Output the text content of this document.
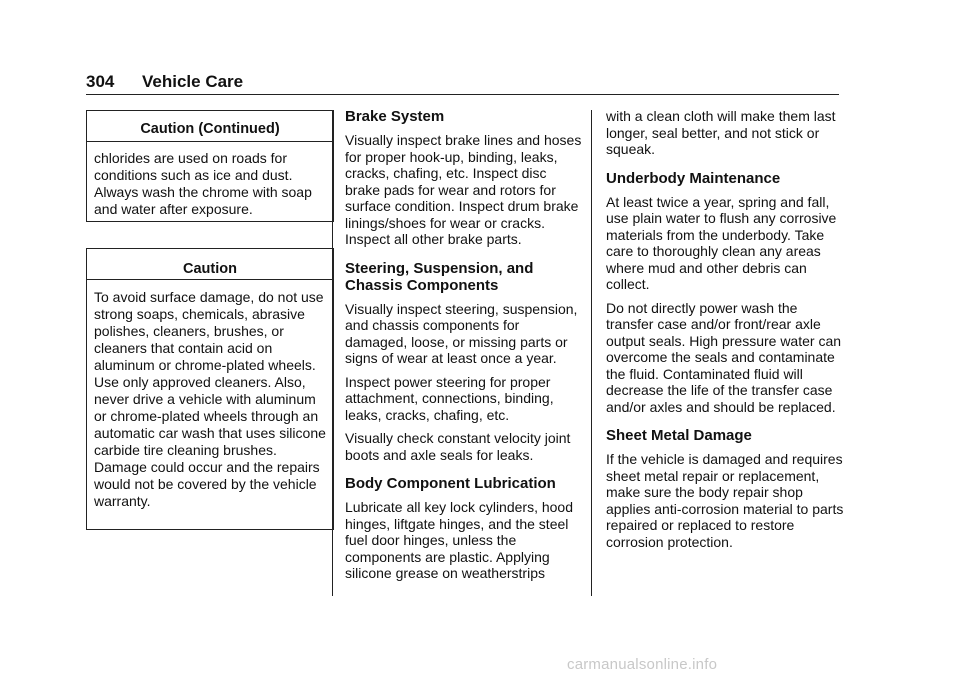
304 Vehicle Care
Caution (Continued)
chlorides are used on roads for conditions such as ice and dust. Always wash the chrome with soap and water after exposure.
Caution
To avoid surface damage, do not use strong soaps, chemicals, abrasive polishes, cleaners, brushes, or cleaners that contain acid on aluminum or chrome-plated wheels. Use only approved cleaners. Also, never drive a vehicle with aluminum or chrome-plated wheels through an automatic car wash that uses silicone carbide tire cleaning brushes. Damage could occur and the repairs would not be covered by the vehicle warranty.
Brake System

Visually inspect brake lines and hoses for proper hook-up, binding, leaks, cracks, chafing, etc. Inspect disc brake pads for wear and rotors for surface condition. Inspect drum brake linings/shoes for wear or cracks. Inspect all other brake parts.

Steering, Suspension, and Chassis Components

Visually inspect steering, suspension, and chassis components for damaged, loose, or missing parts or signs of wear at least once a year.

Inspect power steering for proper attachment, connections, binding, leaks, cracks, chafing, etc.

Visually check constant velocity joint boots and axle seals for leaks.

Body Component Lubrication

Lubricate all key lock cylinders, hood hinges, liftgate hinges, and the steel fuel door hinges, unless the components are plastic. Applying silicone grease on weatherstrips

with a clean cloth will make them last longer, seal better, and not stick or squeak.

Underbody Maintenance

At least twice a year, spring and fall, use plain water to flush any corrosive materials from the underbody. Take care to thoroughly clean any areas where mud and other debris can collect.

Do not directly power wash the transfer case and/or front/rear axle output seals. High pressure water can overcome the seals and contaminate the fluid. Contaminated fluid will decrease the life of the transfer case and/or axles and should be replaced.

Sheet Metal Damage

If the vehicle is damaged and requires sheet metal repair or replacement, make sure the body repair shop applies anti-corrosion material to parts repaired or replaced to restore corrosion protection.

carmanualsonline.info
